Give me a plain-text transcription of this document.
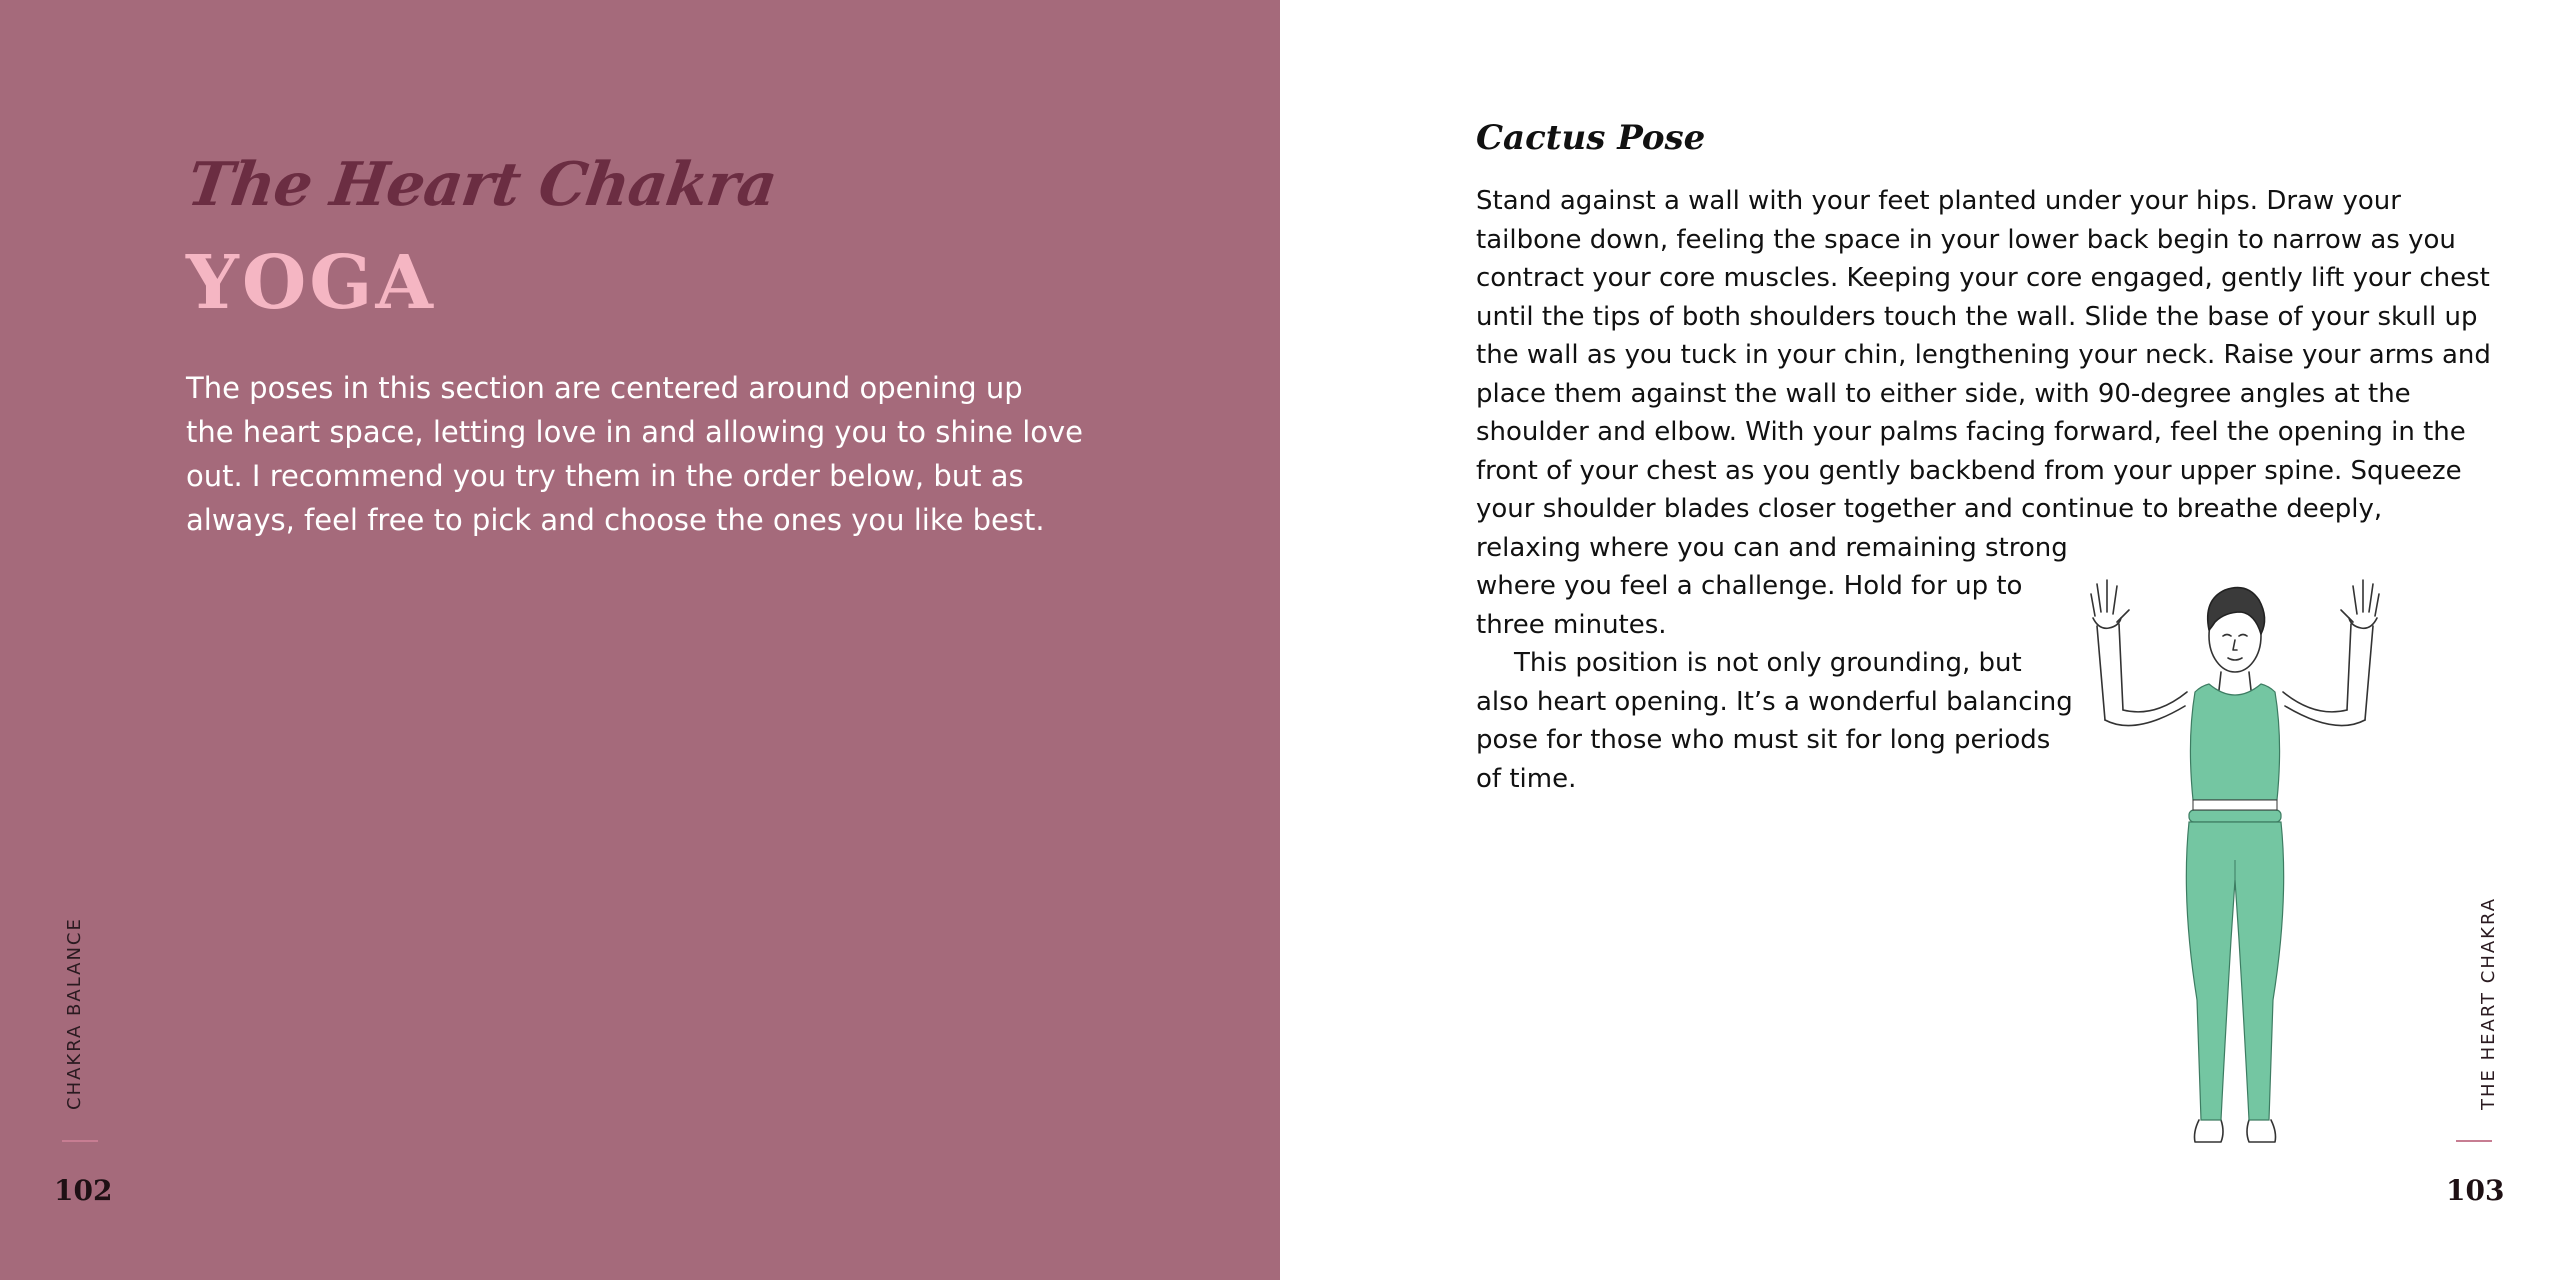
The Heart Chakra
YOGA
The poses in this section are centered around opening up
the heart space, letting love in and allowing you to shine love
out. I recommend you try them in the order below, but as
always, feel free to pick and choose the ones you like best.
Cactus Pose
Stand against a wall with your feet planted under your hips. Draw your
tailbone down, feeling the space in your lower back begin to narrow as you
contract your core muscles. Keeping your core engaged, gently lift your chest
until the tips of both shoulders touch the wall. Slide the base of your skull up
the wall as you tuck in your chin, lengthening your neck. Raise your arms and
place them against the wall to either side, with 90-degree angles at the
shoulder and elbow. With your palms facing forward, feel the opening in the
front of your chest as you gently backbend from your upper spine. Squeeze
your shoulder blades closer together and continue to breathe deeply,
relaxing where you can and remaining strong
where you feel a challenge. Hold for up to
three minutes.
This position is not only grounding, but
also heart opening. It’s a wonderful balancing
pose for those who must sit for long periods
of time.
CHAKRA BALANCE
102
THE HEART CHAKRA
103
